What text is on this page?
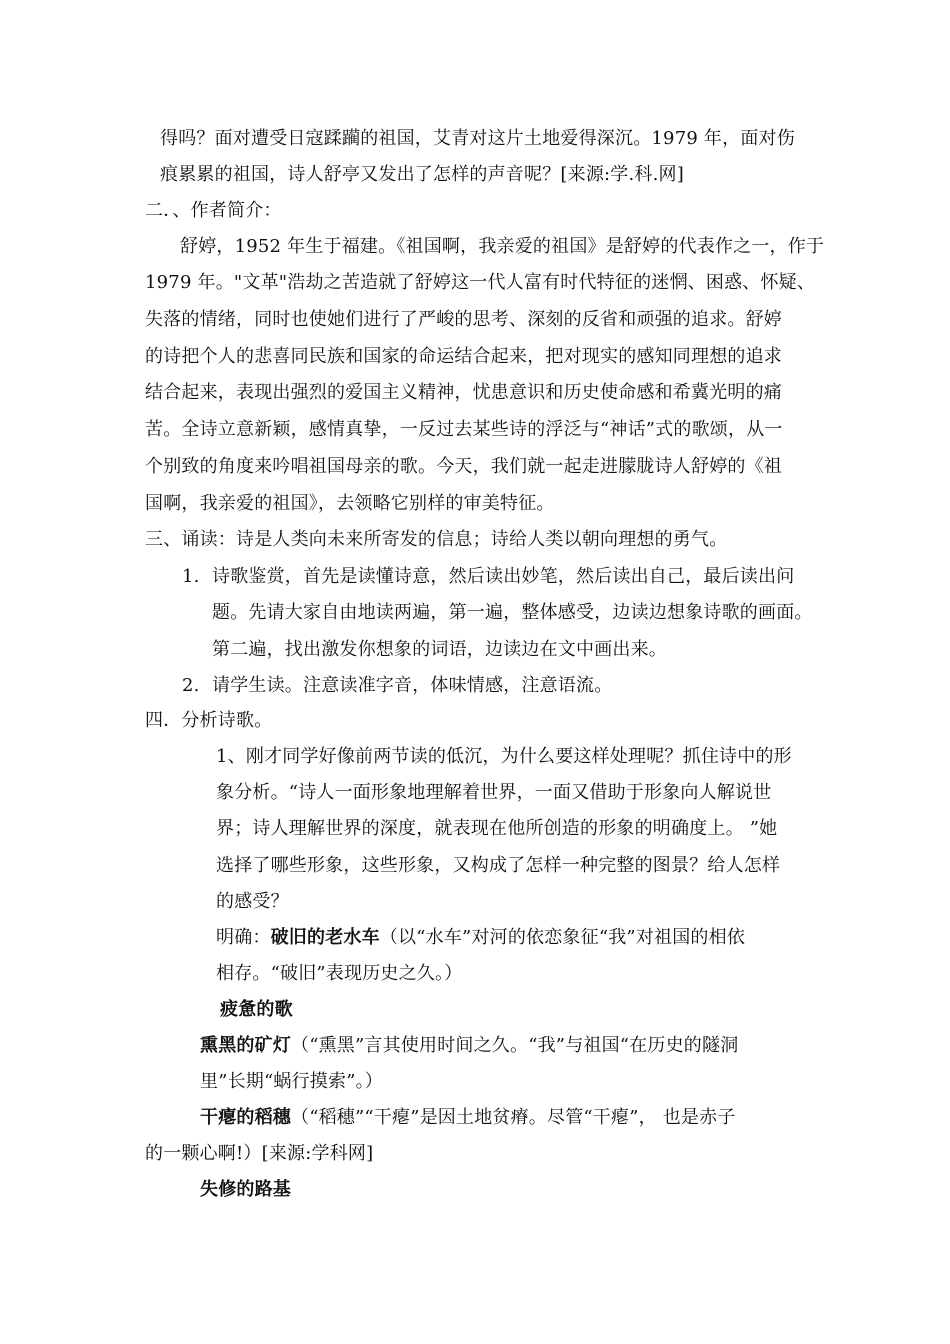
得吗？面对遭受日寇蹂躏的祖国，艾青对这片土地爱得深沉。1979 年，面对伤
痕累累的祖国，诗人舒亭又发出了怎样的声音呢？[来源:学.科.网]
二．、作者简介：
舒婷，1952 年生于福建。《祖国啊，我亲爱的祖国》是舒婷的代表作之一，作于
1979 年。"文革"浩劫之苦造就了舒婷这一代人富有时代特征的迷惘、困惑、怀疑、
失落的情绪，同时也使她们进行了严峻的思考、深刻的反省和顽强的追求。舒婷
的诗把个人的悲喜同民族和国家的命运结合起来，把对现实的感知同理想的追求
结合起来，表现出强烈的爱国主义精神，忧患意识和历史使命感和希冀光明的痛
苦。全诗立意新颖，感情真挚，一反过去某些诗的浮泛与“神话”式的歌颂，从一
个别致的角度来吟唱祖国母亲的歌。今天，我们就一起走进朦胧诗人舒婷的《祖
国啊，我亲爱的祖国》，去领略它别样的审美特征。
三、诵读：诗是人类向未来所寄发的信息；诗给人类以朝向理想的勇气。
1. 诗歌鉴赏，首先是读懂诗意，然后读出妙笔，然后读出自己，最后读出问
题。先请大家自由地读两遍，第一遍，整体感受，边读边想象诗歌的画面。
第二遍，找出激发你想象的词语，边读边在文中画出来。
2. 请学生读。注意读准字音，体味情感，注意语流。
四．分析诗歌。
1、刚才同学好像前两节读的低沉，为什么要这样处理呢？抓住诗中的形
象分析。“诗人一面形象地理解着世界，一面又借助于形象向人解说世
界；诗人理解世界的深度，就表现在他所创造的形象的明确度上。 ”她
选择了哪些形象，这些形象，又构成了怎样一种完整的图景？给人怎样
的感受？
明确：破旧的老水车（以“水车”对河的依恋象征“我”对祖国的相依
相存。“破旧”表现历史之久。）
疲惫的歌
熏黑的矿灯（“熏黑”言其使用时间之久。“我”与祖国“在历史的隧洞
里”长期“蜗行摸索”。）
干瘪的稻穗（“稻穗”“干瘪”是因土地贫瘠。尽管“干瘪”， 也是赤子
的一颗心啊!）[来源:学科网]
失修的路基
